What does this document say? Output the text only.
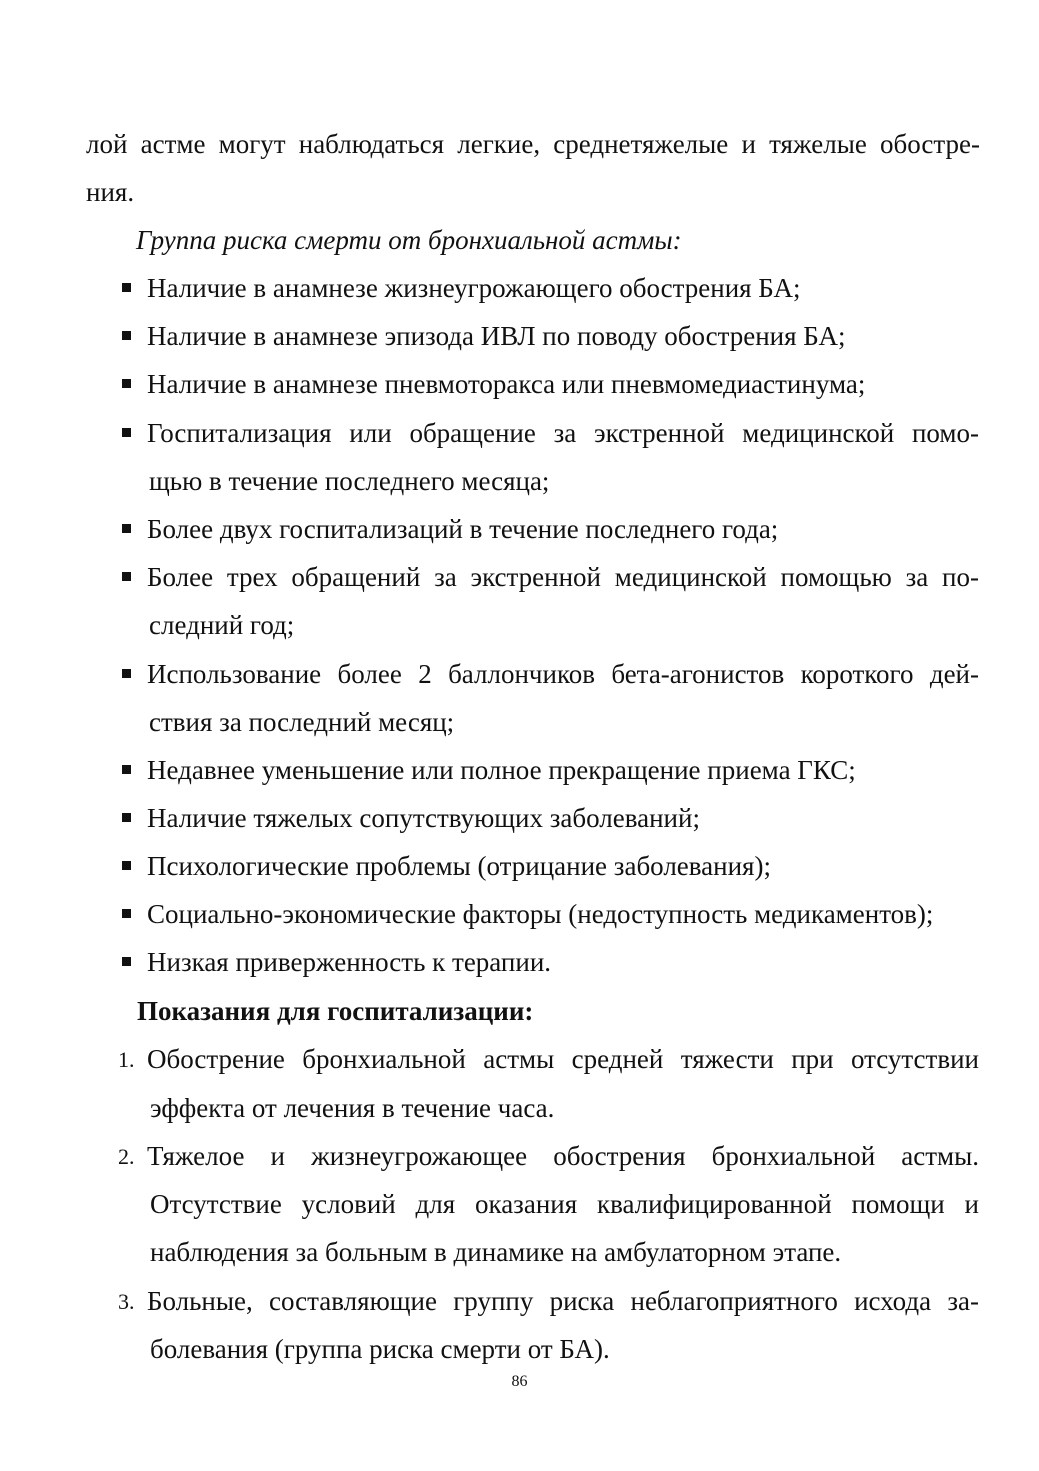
лой астме могут наблюдаться легкие, среднетяжелые и тяжелые обостре-
ния.
Группа риска смерти от бронхиальной астмы:
Наличие в анамнезе жизнеугрожающего обострения БА;
Наличие в анамнезе эпизода ИВЛ по поводу обострения БА;
Наличие в анамнезе пневмоторакса или пневмомедиастинума;
Госпитализация или обращение за экстренной медицинской помо-
щью в течение последнего месяца;
Более двух госпитализаций в течение последнего года;
Более трех обращений за экстренной медицинской помощью за по-
следний год;
Использование более 2 баллончиков бета-агонистов короткого дей-
ствия за последний месяц;
Недавнее уменьшение или полное прекращение приема ГКС;
Наличие тяжелых сопутствующих заболеваний;
Психологические проблемы (отрицание заболевания);
Социально-экономические факторы (недоступность медикаментов);
Низкая приверженность к терапии.
Показания для госпитализации:
1. Обострение бронхиальной астмы средней тяжести при отсутствии
эффекта от лечения в течение часа.
2. Тяжелое и жизнеугрожающее обострения бронхиальной астмы.
Отсутствие условий для оказания квалифицированной помощи и
наблюдения за больным в динамике на амбулаторном этапе.
3. Больные, составляющие группу риска неблагоприятного исхода за-
болевания (группа риска смерти от БА).
86
